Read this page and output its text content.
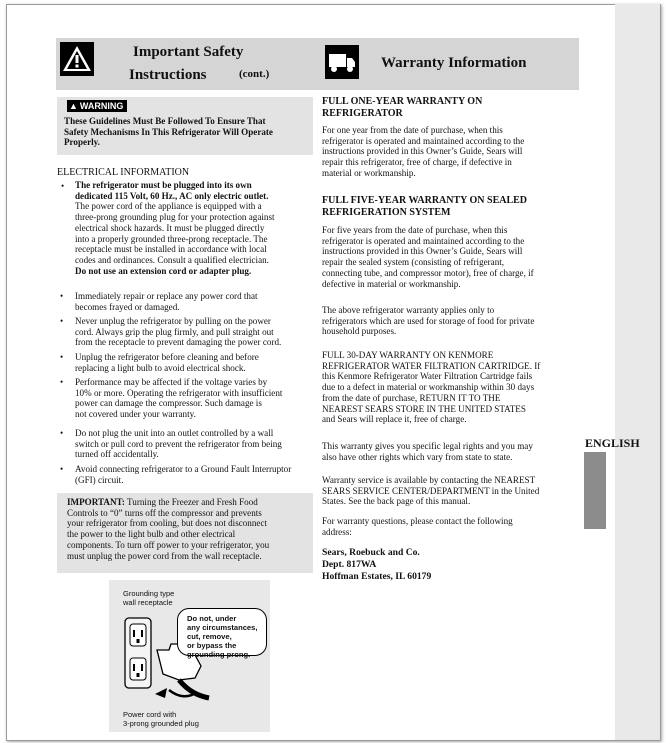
Important Safety
Instructions	(cont.)
Warranty Information
▲ WARNING
These Guidelines Must Be Followed To Ensure That
Safety Mechanisms In This Refrigerator Will Operate
Properly.
ELECTRICAL INFORMATION
• The refrigerator must be plugged into its own
dedicated 115 Volt, 60 Hz., AC only electric outlet.
The power cord of the appliance is equipped with a
three-prong grounding plug for your protection against
electrical shock hazards. It must be plugged directly
into a properly grounded three-prong receptacle. The
receptacle must be installed in accordance with local
codes and ordinances. Consult a qualified electrician.
Do not use an extension cord or adapter plug.
• Immediately repair or replace any power cord that
becomes frayed or damaged.
• Never unplug the refrigerator by pulling on the power
cord. Always grip the plug firmly, and pull straight out
from the receptacle to prevent damaging the power cord.
• Unplug the refrigerator before cleaning and before
replacing a light bulb to avoid electrical shock.
• Performance may be affected if the voltage varies by
10% or more. Operating the refrigerator with insufficient
power can damage the compressor. Such damage is
not covered under your warranty.
• Do not plug the unit into an outlet controlled by a wall
switch or pull cord to prevent the refrigerator from being
turned off accidentally.
• Avoid connecting refrigerator to a Ground Fault Interruptor
(GFI) circuit.
IMPORTANT: Turning the Freezer and Fresh Food
Controls to “0” turns off the compressor and prevents
your refrigerator from cooling, but does not disconnect
the power to the light bulb and other electrical
components. To turn off power to your refrigerator, you
must unplug the power cord from the wall receptacle.
Grounding type
wall receptacle
Do not, under
any circumstances,
cut, remove,
or bypass the
grounding prong.
Power cord with
3-prong grounded plug
FULL ONE-YEAR WARRANTY ON
REFRIGERATOR
For one year from the date of purchase, when this
refrigerator is operated and maintained according to the
instructions provided in this Owner’s Guide, Sears will
repair this refrigerator, free of charge, if defective in
material or workmanship.
FULL FIVE-YEAR WARRANTY ON SEALED
REFRIGERATION SYSTEM
For five years from the date of purchase, when this
refrigerator is operated and maintained according to the
instructions provided in this Owner’s Guide, Sears will
repair the sealed system (consisting of refrigerant,
connecting tube, and compressor motor), free of charge, if
defective in material or workmanship.
The above refrigerator warranty applies only to
refrigerators which are used for storage of food for private
household purposes.
FULL 30-DAY WARRANTY ON KENMORE
REFRIGERATOR WATER FILTRATION CARTRIDGE. If
this Kenmore Refrigerator Water Filtration Cartridge fails
due to a defect in material or workmanship within 30 days
from the date of purchase, RETURN IT TO THE
NEAREST SEARS STORE IN THE UNITED STATES
and Sears will replace it, free of charge.
This warranty gives you specific legal rights and you may
also have other rights which vary from state to state.
Warranty service is available by contacting the NEAREST
SEARS SERVICE CENTER/DEPARTMENT in the United
States. See the back page of this manual.
For warranty questions, please contact the following
address:
Sears, Roebuck and Co.
Dept. 817WA
Hoffman Estates, IL 60179
ENGLISH
